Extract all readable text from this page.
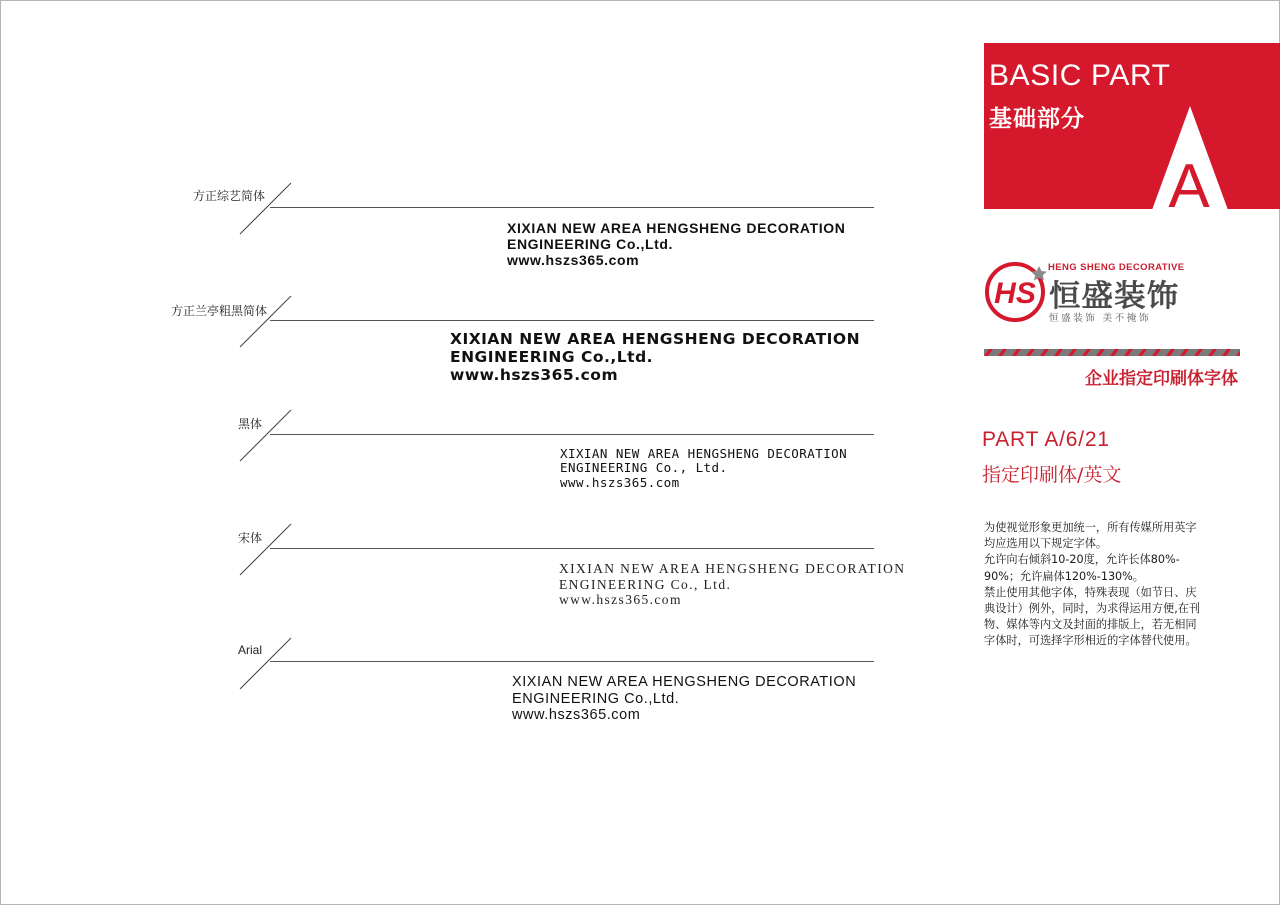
方正综艺简体
XIXIAN NEW AREA HENGSHENG DECORATION
ENGINEERING Co.,Ltd.
www.hszs365.com
方正兰亭粗黑简体
XIXIAN NEW AREA HENGSHENG DECORATION
ENGINEERING Co.,Ltd.
www.hszs365.com
黑体
XIXIAN NEW AREA HENGSHENG DECORATION
ENGINEERING Co., Ltd.
www.hszs365.com
宋体
XIXIAN NEW AREA HENGSHENG DECORATION
ENGINEERING Co., Ltd.
www.hszs365.com
Arial
XIXIAN NEW AREA HENGSHENG DECORATION
ENGINEERING Co.,Ltd.
www.hszs365.com
BASIC PART
基础部分
A
HS
HENG SHENG DECORATIVE
恒盛装饰
恒盛装饰 美不掩饰
企业指定印刷体字体
PART A/6/21
指定印刷体/英文
为使视觉形象更加统一，所有传媒所用英字
均应选用以下规定字体。
允许向右倾斜10-20度，允许长体80%-
90%；允许扁体120%-130%。
禁止使用其他字体，特殊表现（如节日、庆
典设计）例外，同时，为求得运用方便,在刊
物、媒体等内文及封面的排版上，若无相同
字体时，可选择字形相近的字体替代使用。
